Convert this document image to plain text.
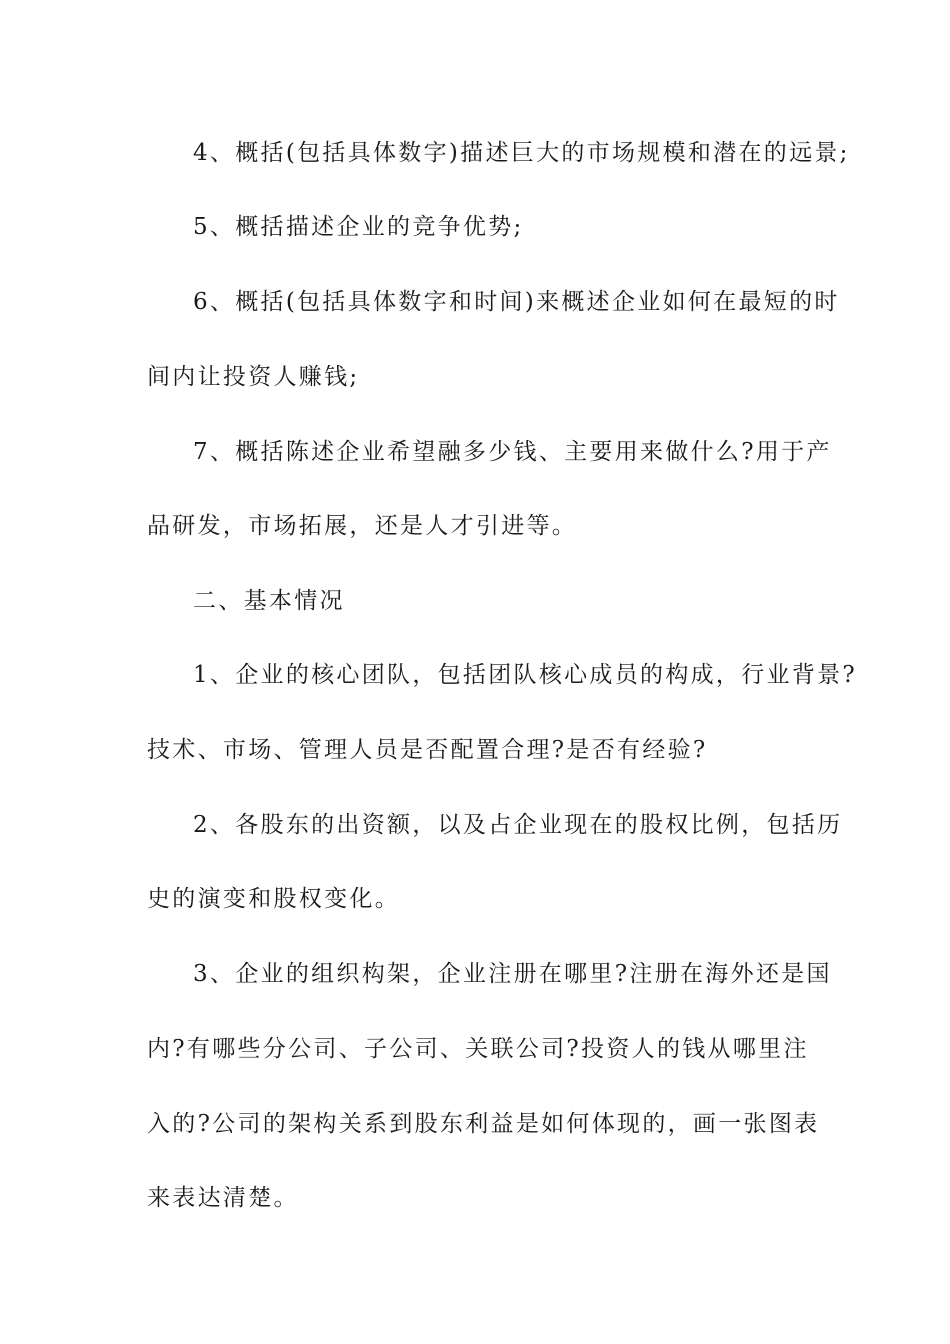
4、概括(包括具体数字)描述巨大的市场规模和潜在的远景;
5、概括描述企业的竞争优势;
6、概括(包括具体数字和时间)来概述企业如何在最短的时
间内让投资人赚钱;
7、概括陈述企业希望融多少钱、主要用来做什么?用于产
品研发，市场拓展，还是人才引进等。
二、基本情况
1、企业的核心团队，包括团队核心成员的构成，行业背景?
技术、市场、管理人员是否配置合理?是否有经验?
2、各股东的出资额，以及占企业现在的股权比例，包括历
史的演变和股权变化。
3、企业的组织构架，企业注册在哪里?注册在海外还是国
内?有哪些分公司、子公司、关联公司?投资人的钱从哪里注
入的?公司的架构关系到股东利益是如何体现的，画一张图表
来表达清楚。
